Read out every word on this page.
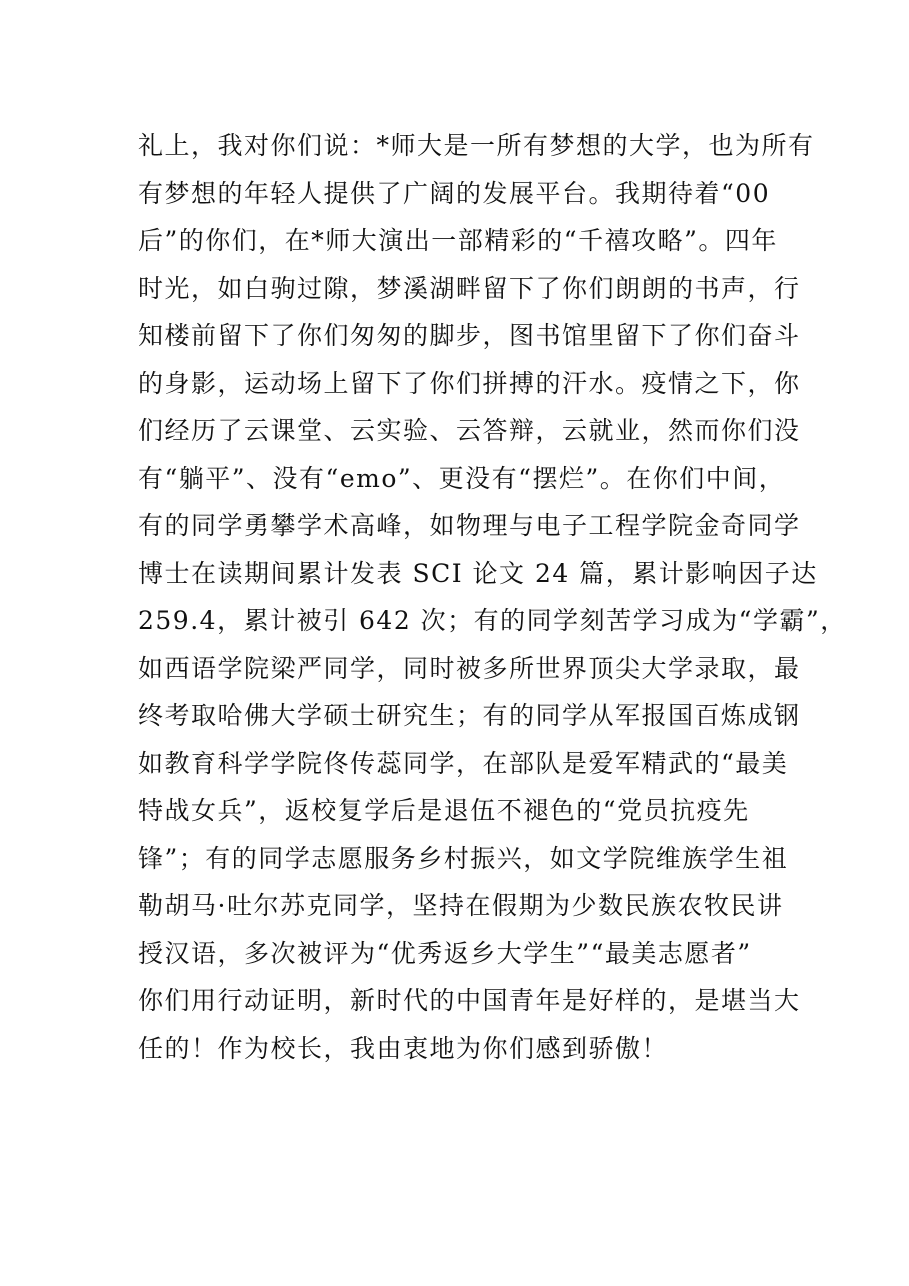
礼上，我对你们说：*师大是一所有梦想的大学，也为所有
有梦想的年轻人提供了广阔的发展平台。我期待着“00
后”的你们，在*师大演出一部精彩的“千禧攻略”。四年
时光，如白驹过隙，梦溪湖畔留下了你们朗朗的书声，行
知楼前留下了你们匆匆的脚步，图书馆里留下了你们奋斗
的身影，运动场上留下了你们拼搏的汗水。疫情之下，你
们经历了云课堂、云实验、云答辩，云就业，然而你们没
有“躺平”、没有“emo”、更没有“摆烂”。在你们中间，
有的同学勇攀学术高峰，如物理与电子工程学院金奇同学
博士在读期间累计发表 SCI 论文 24 篇，累计影响因子达
259.4，累计被引 642 次；有的同学刻苦学习成为“学霸”，
如西语学院梁严同学，同时被多所世界顶尖大学录取，最
终考取哈佛大学硕士研究生；有的同学从军报国百炼成钢
如教育科学学院佟传蕊同学，在部队是爱军精武的“最美
特战女兵”，返校复学后是退伍不褪色的“党员抗疫先
锋”；有的同学志愿服务乡村振兴，如文学院维族学生祖
勒胡马·吐尔苏克同学，坚持在假期为少数民族农牧民讲
授汉语，多次被评为“优秀返乡大学生”“最美志愿者”
你们用行动证明，新时代的中国青年是好样的，是堪当大
任的！作为校长，我由衷地为你们感到骄傲！
